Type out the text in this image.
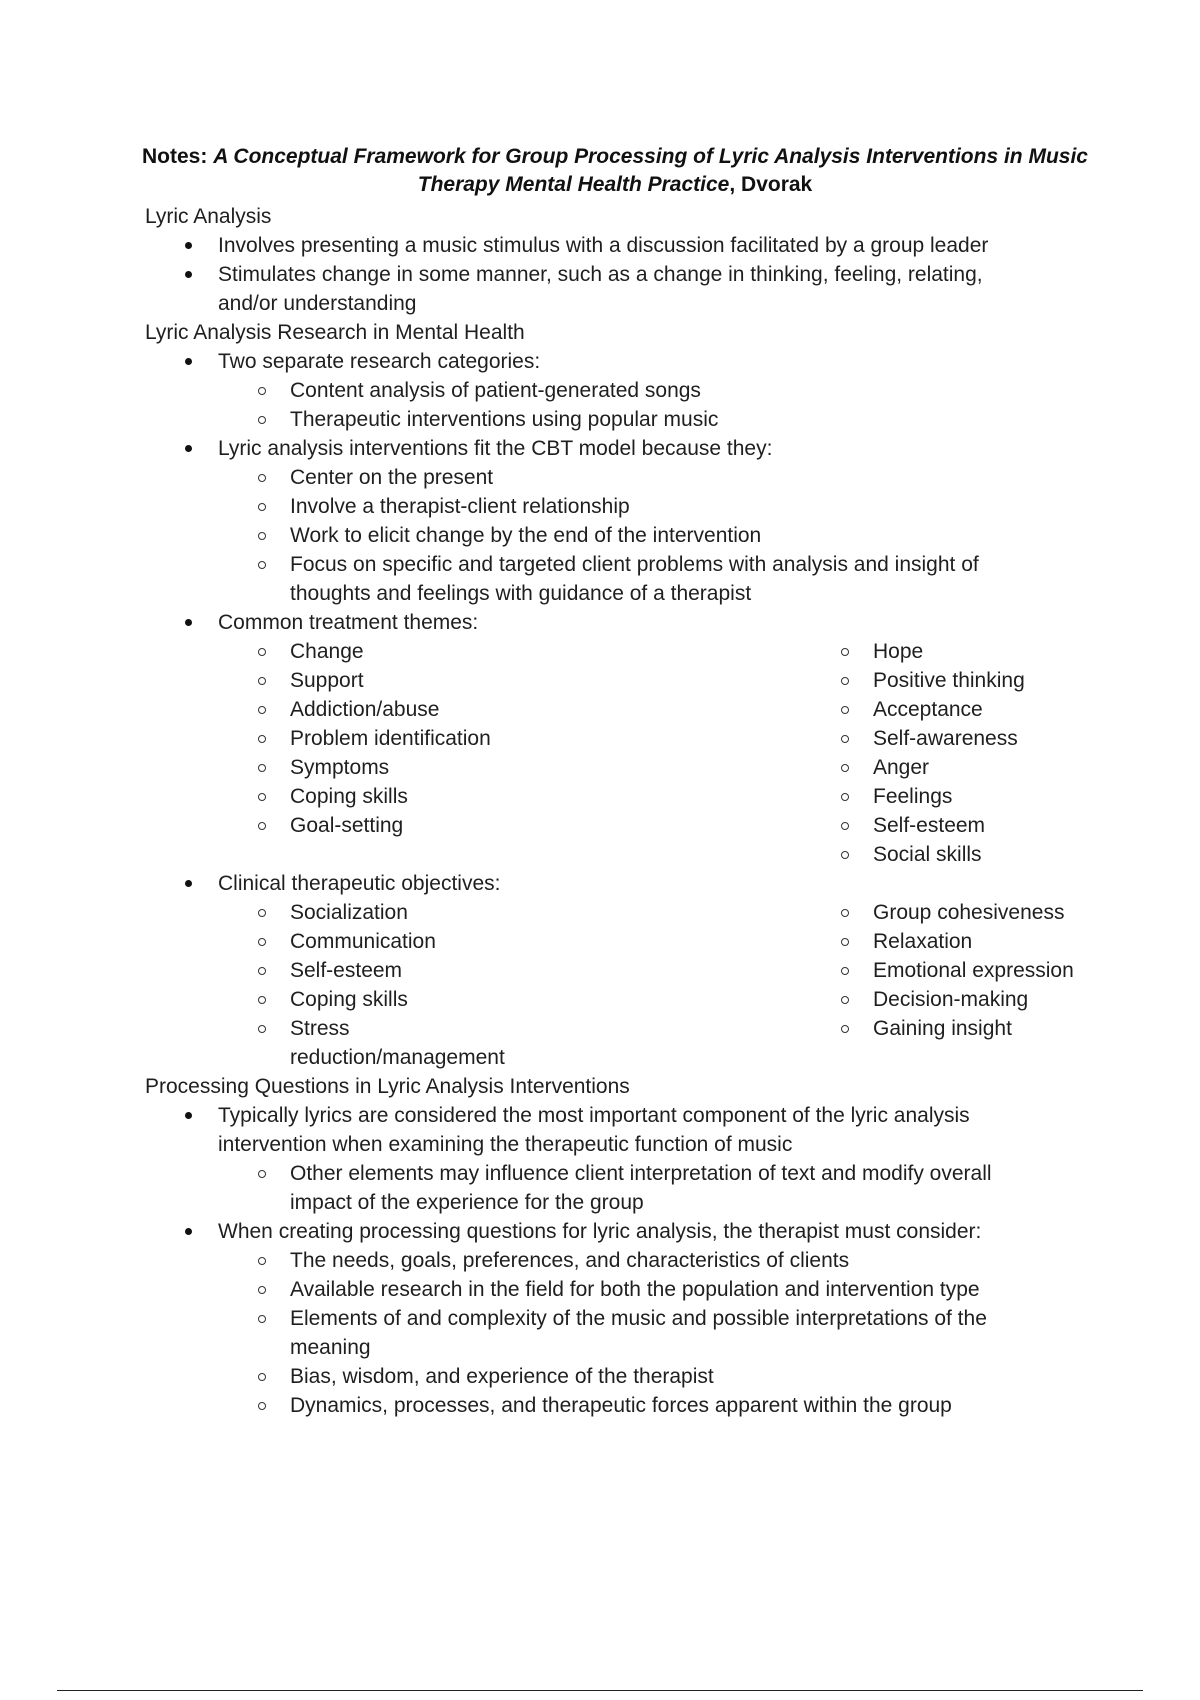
Notes: A Conceptual Framework for Group Processing of Lyric Analysis Interventions in Music Therapy Mental Health Practice, Dvorak
Lyric Analysis
Involves presenting a music stimulus with a discussion facilitated by a group leader
Stimulates change in some manner, such as a change in thinking, feeling, relating, and/or understanding
Lyric Analysis Research in Mental Health
Two separate research categories:
Content analysis of patient-generated songs
Therapeutic interventions using popular music
Lyric analysis interventions fit the CBT model because they:
Center on the present
Involve a therapist-client relationship
Work to elicit change by the end of the intervention
Focus on specific and targeted client problems with analysis and insight of thoughts and feelings with guidance of a therapist
Common treatment themes:
Change
Support
Addiction/abuse
Problem identification
Symptoms
Coping skills
Goal-setting

Hope
Positive thinking
Acceptance
Self-awareness
Anger
Feelings
Self-esteem
Social skills
Clinical therapeutic objectives:
Socialization
Communication
Self-esteem
Coping skills
Stress reduction/management
Group cohesiveness
Relaxation
Emotional expression
Decision-making
Gaining insight
Processing Questions in Lyric Analysis Interventions
Typically lyrics are considered the most important component of the lyric analysis intervention when examining the therapeutic function of music
Other elements may influence client interpretation of text and modify overall impact of the experience for the group
When creating processing questions for lyric analysis, the therapist must consider:
The needs, goals, preferences, and characteristics of clients
Available research in the field for both the population and intervention type
Elements of and complexity of the music and possible interpretations of the meaning
Bias, wisdom, and experience of the therapist
Dynamics, processes, and therapeutic forces apparent within the group
